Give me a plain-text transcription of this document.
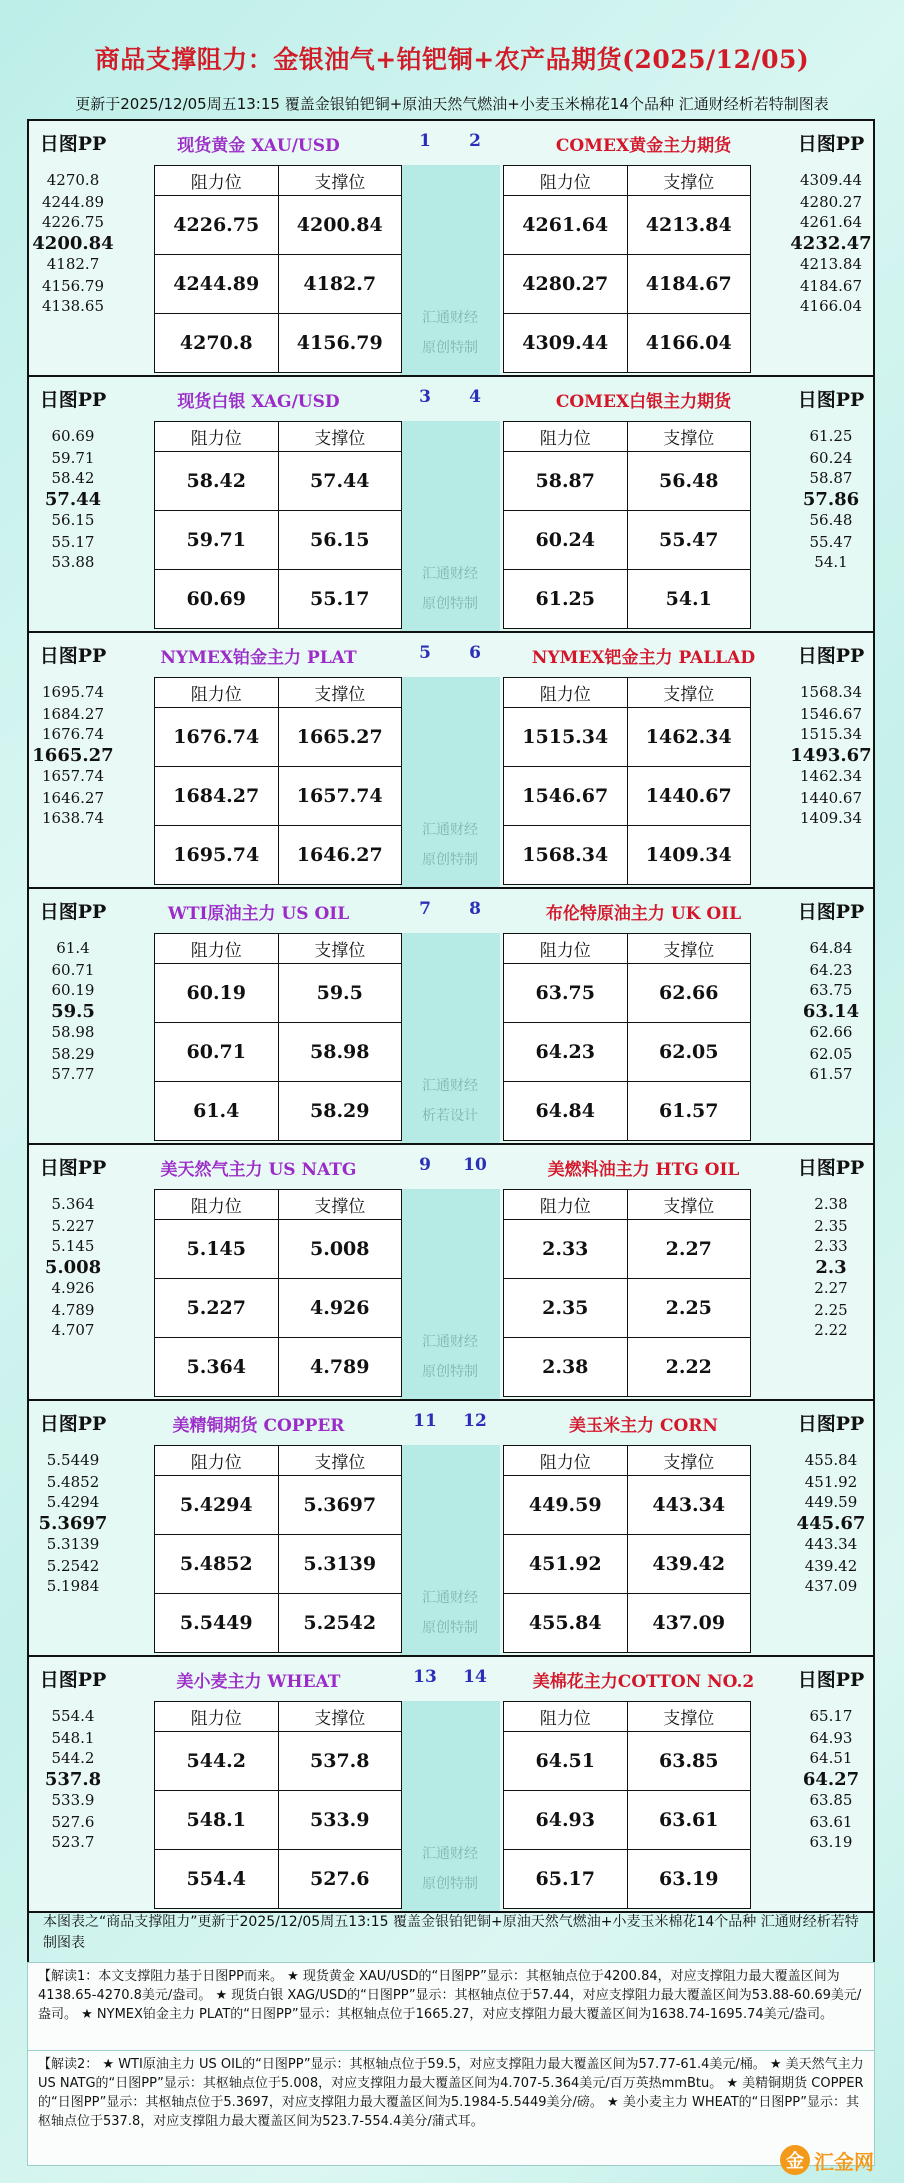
商品支撑阻力：金银油气+铂钯铜+农产品期货(2025/12/05)
更新于2025/12/05周五13:15 覆盖金银铂钯铜+原油天然气燃油+小麦玉米棉花14个品种 汇通财经析若特制图表
日图PP	日图PP
现货黄金 XAU/USD	COMEX黄金主力期货
1	2
汇通财经
原创特制
4270.8
4244.89
4226.75
4200.84
4182.7
4156.79
4138.65
阻力位	支撑位
4226.75	4200.84
4244.89	4182.7
4270.8	4156.79
4309.44
4280.27
4261.64
4232.47
4213.84
4184.67
4166.04
阻力位	支撑位
4261.64	4213.84
4280.27	4184.67
4309.44	4166.04
日图PP	日图PP
现货白银 XAG/USD	COMEX白银主力期货
3	4
汇通财经
原创特制
60.69
59.71
58.42
57.44
56.15
55.17
53.88
阻力位	支撑位
58.42	57.44
59.71	56.15
60.69	55.17
61.25
60.24
58.87
57.86
56.48
55.47
54.1
阻力位	支撑位
58.87	56.48
60.24	55.47
61.25	54.1
日图PP	日图PP
NYMEX铂金主力 PLAT	NYMEX钯金主力 PALLAD
5	6
汇通财经
原创特制
1695.74
1684.27
1676.74
1665.27
1657.74
1646.27
1638.74
阻力位	支撑位
1676.74	1665.27
1684.27	1657.74
1695.74	1646.27
1568.34
1546.67
1515.34
1493.67
1462.34
1440.67
1409.34
阻力位	支撑位
1515.34	1462.34
1546.67	1440.67
1568.34	1409.34
日图PP	日图PP
WTI原油主力 US OIL	布伦特原油主力 UK OIL
7	8
汇通财经
析若设计
61.4
60.71
60.19
59.5
58.98
58.29
57.77
阻力位	支撑位
60.19	59.5
60.71	58.98
61.4	58.29
64.84
64.23
63.75
63.14
62.66
62.05
61.57
阻力位	支撑位
63.75	62.66
64.23	62.05
64.84	61.57
日图PP	日图PP
美天然气主力 US NATG	美燃料油主力 HTG OIL
9	10
汇通财经
原创特制
5.364
5.227
5.145
5.008
4.926
4.789
4.707
阻力位	支撑位
5.145	5.008
5.227	4.926
5.364	4.789
2.38
2.35
2.33
2.3
2.27
2.25
2.22
阻力位	支撑位
2.33	2.27
2.35	2.25
2.38	2.22
日图PP	日图PP
美精铜期货 COPPER	美玉米主力 CORN
11	12
汇通财经
原创特制
5.5449
5.4852
5.4294
5.3697
5.3139
5.2542
5.1984
阻力位	支撑位
5.4294	5.3697
5.4852	5.3139
5.5449	5.2542
455.84
451.92
449.59
445.67
443.34
439.42
437.09
阻力位	支撑位
449.59	443.34
451.92	439.42
455.84	437.09
日图PP	日图PP
美小麦主力 WHEAT	美棉花主力COTTON NO.2
13	14
汇通财经
原创特制
554.4
548.1
544.2
537.8
533.9
527.6
523.7
阻力位	支撑位
544.2	537.8
548.1	533.9
554.4	527.6
65.17
64.93
64.51
64.27
63.85
63.61
63.19
阻力位	支撑位
64.51	63.85
64.93	63.61
65.17	63.19
本图表之“商品支撑阻力”更新于2025/12/05周五13:15 覆盖金银铂钯铜+原油天然气燃油+小麦玉米棉花14个品种 汇通财经析若特制图表
【解读1：本文支撑阻力基于日图PP而来。 ★ 现货黄金 XAU/USD的“日图PP”显示：其枢轴点位于4200.84，对应支撑阻力最大覆盖区间为4138.65-4270.8美元/盎司。 ★ 现货白银 XAG/USD的“日图PP”显示：其枢轴点位于57.44，对应支撑阻力最大覆盖区间为53.88-60.69美元/盎司。 ★ NYMEX铂金主力 PLAT的“日图PP”显示：其枢轴点位于1665.27，对应支撑阻力最大覆盖区间为1638.74-1695.74美元/盎司。
【解读2： ★ WTI原油主力 US OIL的“日图PP”显示：其枢轴点位于59.5，对应支撑阻力最大覆盖区间为57.77-61.4美元/桶。 ★ 美天然气主力 US NATG的“日图PP”显示：其枢轴点位于5.008，对应支撑阻力最大覆盖区间为4.707-5.364美元/百万英热mmBtu。 ★ 美精铜期货 COPPER的“日图PP”显示：其枢轴点位于5.3697，对应支撑阻力最大覆盖区间为5.1984-5.5449美分/磅。 ★ 美小麦主力 WHEAT的“日图PP”显示：其枢轴点位于537.8，对应支撑阻力最大覆盖区间为523.7-554.4美分/蒲式耳。
金 汇金网
